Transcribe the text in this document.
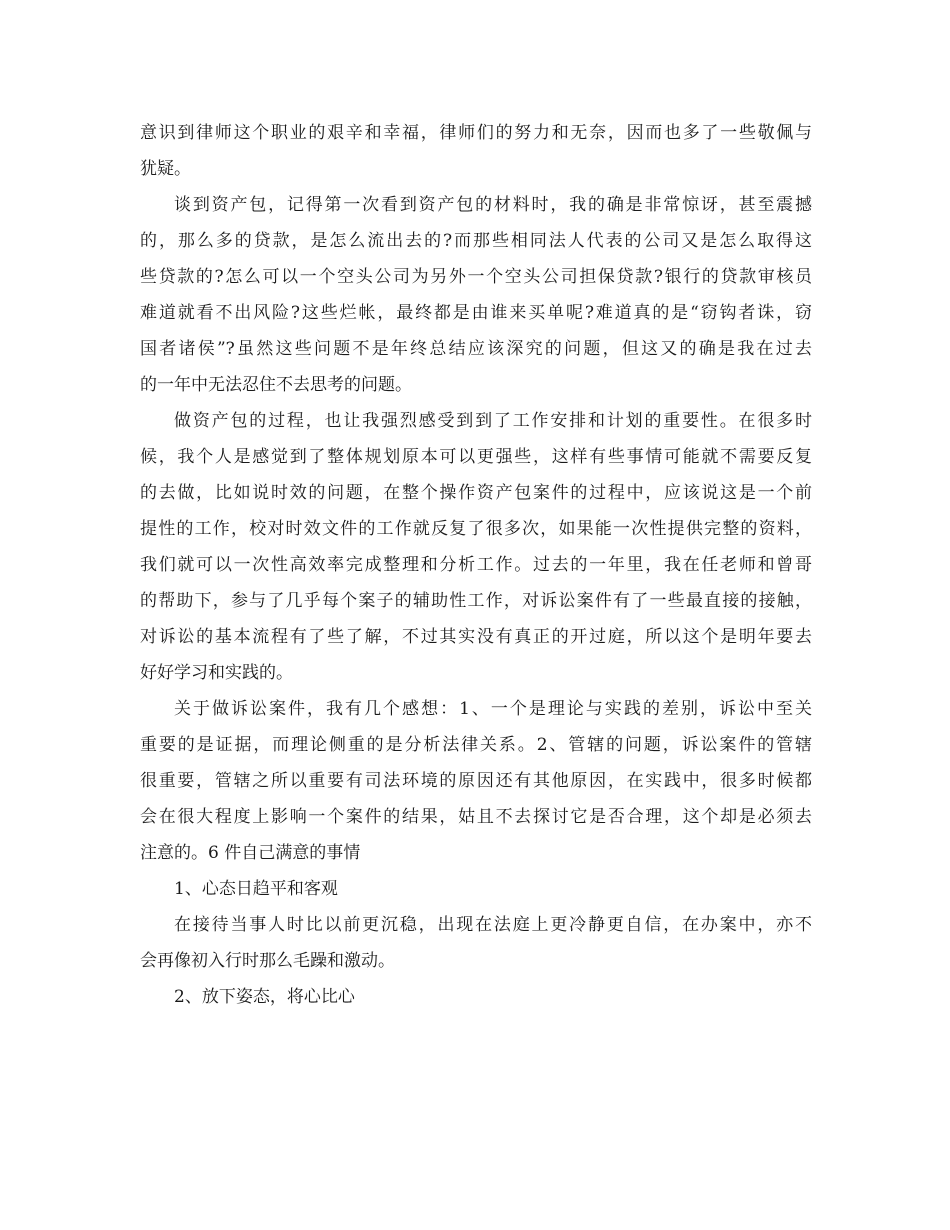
意识到律师这个职业的艰辛和幸福，律师们的努力和无奈，因而也多了一些敬佩与
犹疑。
谈到资产包，记得第一次看到资产包的材料时，我的确是非常惊讶，甚至震撼
的，那么多的贷款，是怎么流出去的?而那些相同法人代表的公司又是怎么取得这
些贷款的?怎么可以一个空头公司为另外一个空头公司担保贷款?银行的贷款审核员
难道就看不出风险?这些烂帐，最终都是由谁来买单呢?难道真的是“窃钩者诛，窃
国者诸侯”?虽然这些问题不是年终总结应该深究的问题，但这又的确是我在过去
的一年中无法忍住不去思考的问题。
做资产包的过程，也让我强烈感受到到了工作安排和计划的重要性。在很多时
候，我个人是感觉到了整体规划原本可以更强些，这样有些事情可能就不需要反复
的去做，比如说时效的问题，在整个操作资产包案件的过程中，应该说这是一个前
提性的工作，校对时效文件的工作就反复了很多次，如果能一次性提供完整的资料，
我们就可以一次性高效率完成整理和分析工作。过去的一年里，我在任老师和曾哥
的帮助下，参与了几乎每个案子的辅助性工作，对诉讼案件有了一些最直接的接触，
对诉讼的基本流程有了些了解，不过其实没有真正的开过庭，所以这个是明年要去
好好学习和实践的。
关于做诉讼案件，我有几个感想：1、一个是理论与实践的差别，诉讼中至关
重要的是证据，而理论侧重的是分析法律关系。2、管辖的问题，诉讼案件的管辖
很重要，管辖之所以重要有司法环境的原因还有其他原因，在实践中，很多时候都
会在很大程度上影响一个案件的结果，姑且不去探讨它是否合理，这个却是必须去
注意的。6 件自己满意的事情
1、心态日趋平和客观
在接待当事人时比以前更沉稳，出现在法庭上更冷静更自信，在办案中，亦不
会再像初入行时那么毛躁和激动。
2、放下姿态，将心比心
